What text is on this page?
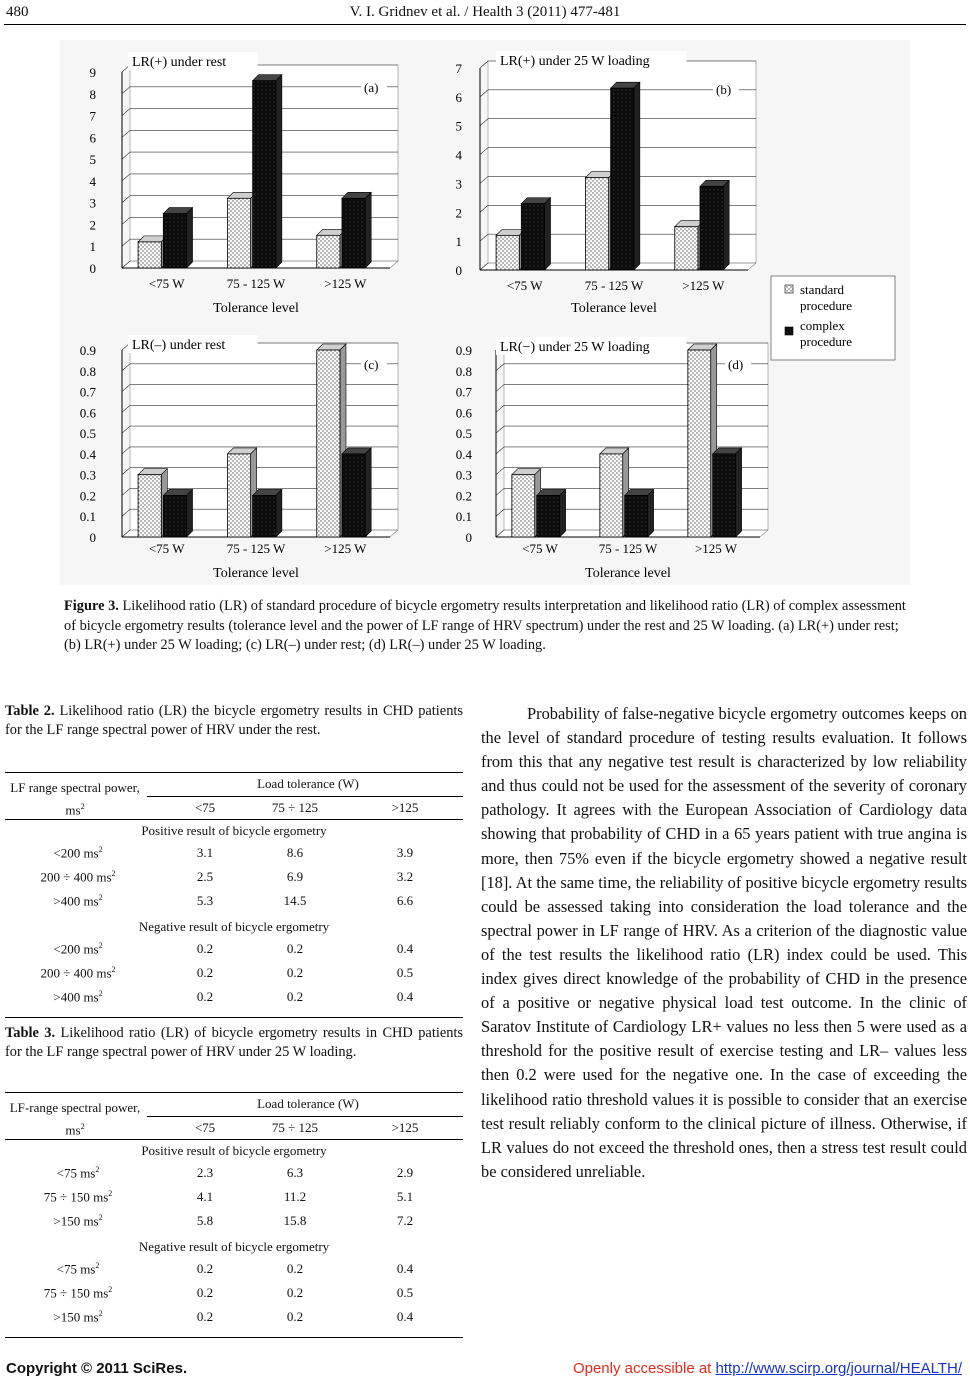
480	V. I. Gridnev et al. / Health 3 (2011) 477-481
0
1
2
3
4
5
6
7
8
9
<75 W	75 - 125 W	>125 W
Tolerance level
LR(+) under rest
(a)
0
1
2
3
4
5
6
7
<75 W	75 - 125 W	>125 W
Tolerance level
LR(+) under 25 W loading
(b)
0
0.1
0.2
0.3
0.4
0.5
0.6
0.7
0.8
0.9
<75 W	75 - 125 W	>125 W
Tolerance level
LR(–) under rest
(c)
0
0.1
0.2
0.3
0.4
0.5
0.6
0.7
0.8
0.9
<75 W	75 - 125 W	>125 W
Tolerance level
LR(−) under 25 W loading
(d)
standard
procedure
complex
procedure
Figure 3. Likelihood ratio (LR) of standard procedure of bicycle ergometry results interpretation and likelihood ratio (LR) of complex assessment of bicycle ergometry results (tolerance level and the power of LF range of HRV spectrum) under the rest and 25 W loading. (a) LR(+) under rest; (b) LR(+) under 25 W loading; (c) LR(–) under rest; (d) LR(–) under 25 W loading.
Table 2. Likelihood ratio (LR) the bicycle ergometry results in CHD patients for the LF range spectral power of HRV under the rest.
LF range spectral power, $ms^2$
Load tolerance (W)
<75	75 ÷ 125	>125
Positive result of bicycle ergometry
<200 $ms^2$	3.1	8.6	3.9
200 ÷ 400 $ms^2$	2.5	6.9	3.2
>400 $ms^2$	5.3	14.5	6.6
Negative result of bicycle ergometry
<200 $ms^2$	0.2	0.2	0.4
200 ÷ 400 $ms^2$	0.2	0.2	0.5
>400 $ms^2$	0.2	0.2	0.4
Table 3. Likelihood ratio (LR) of bicycle ergometry results in CHD patients for the LF range spectral power of HRV under 25 W loading.
LF-range spectral power, $ms^2$
Load tolerance (W)
<75	75 ÷ 125	>125
Positive result of bicycle ergometry
<75 $ms^2$	2.3	6.3	2.9
75 ÷ 150 $ms^2$	4.1	11.2	5.1
>150 $ms^2$	5.8	15.8	7.2
Negative result of bicycle ergometry
<75 $ms^2$	0.2	0.2	0.4
75 ÷ 150 $ms^2$	0.2	0.2	0.5
>150 $ms^2$	0.2	0.2	0.4
Probability of false-negative bicycle ergometry outcomes keeps on the level of standard procedure of testing results evaluation. It follows from this that any negative test result is characterized by low reliability and thus could not be used for the assessment of the severity of coronary pathology. It agrees with the European Association of Cardiology data showing that probability of CHD in a 65 years patient with true angina is more, then 75% even if the bicycle ergometry showed a negative result [18]. At the same time, the reliability of positive bicycle ergometry results could be assessed taking into consideration the load tolerance and the spectral power in LF range of HRV. As a criterion of the diagnostic value of the test results the likelihood ratio (LR) index could be used. This index gives direct knowledge of the probability of CHD in the presence of a positive or negative physical load test outcome. In the clinic of Saratov Institute of Cardiology LR+ values no less then 5 were used as a threshold for the positive result of exercise testing and LR– values less then 0.2 were used for the negative one. In the case of exceeding the likelihood ratio threshold values it is possible to consider that an exercise test result reliably conform to the clinical picture of illness. Otherwise, if LR values do not exceed the threshold ones, then a stress test result could be considered unreliable.
Copyright © 2011 SciRes.	Openly accessible at http://www.scirp.org/journal/HEALTH/
